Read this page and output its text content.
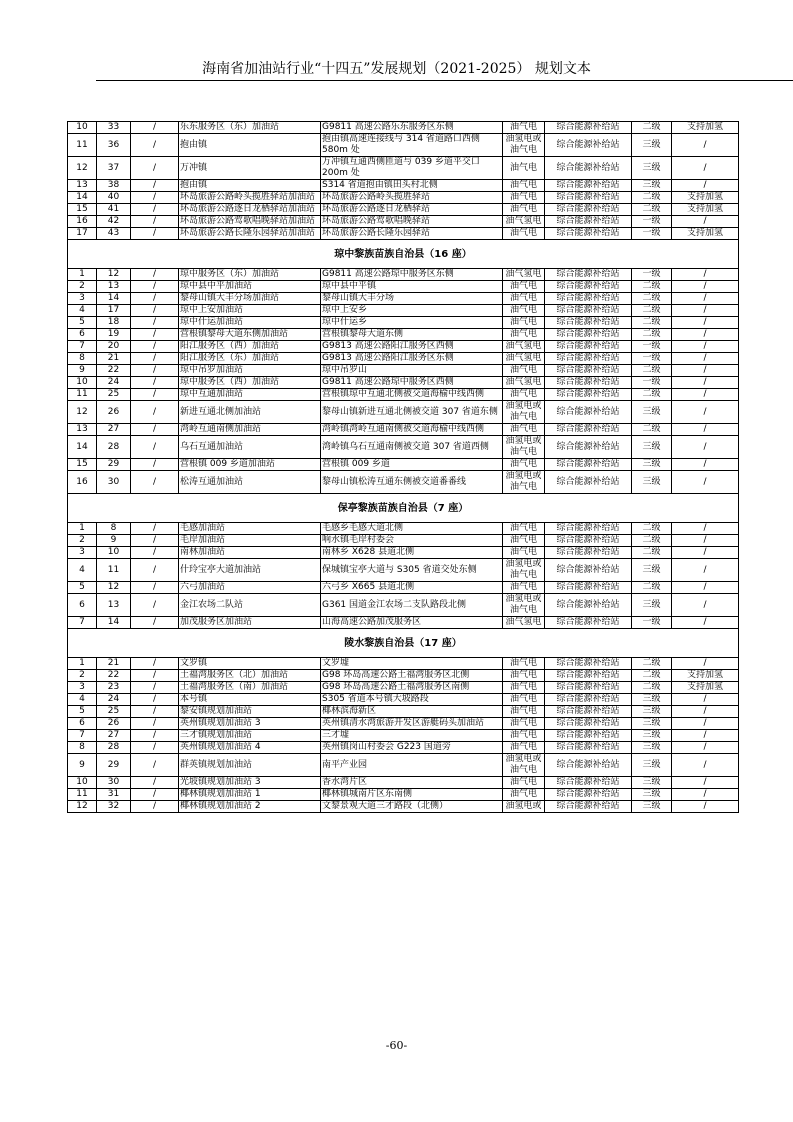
海南省加油站行业“十四五”发展规划（2021-2025） 规划文本
10	33	/	乐东服务区（东）加油站	G9811 高速公路乐东服务区东侧	油气电	综合能源补给站	二级	支持加氢
11	36	/	抱由镇	抱由镇高速连接线与 314 省道路口西侧 580m 处	油氢电或油气电	综合能源补给站	三级	/
12	37	/	万冲镇	万冲镇互通西侧匝道与 039 乡道平交口 200m 处	油气电	综合能源补给站	三级	/
13	38	/	抱由镇	S314 省道抱由镇田头村北侧	油气电	综合能源补给站	三级	/
14	40	/	环岛旅游公路岭头揽胜驿站加油站	环岛旅游公路岭头揽胜驿站	油气电	综合能源补给站	二级	支持加氢
15	41	/	环岛旅游公路逐日龙栖驿站加油站	环岛旅游公路逐日龙栖驿站	油气电	综合能源补给站	二级	支持加氢
16	42	/	环岛旅游公路莺歌唱晚驿站加油站	环岛旅游公路莺歌唱晚驿站	油气氢电	综合能源补给站	一级	/
17	43	/	环岛旅游公路长隆乐园驿站加油站	环岛旅游公路长隆乐园驿站	油气电	综合能源补给站	一级	支持加氢
琼中黎族苗族自治县（16 座）								
1	12	/	琼中服务区（东）加油站	G9811 高速公路琼中服务区东侧	油气氢电	综合能源补给站	一级	/
2	13	/	琼中县中平加油站	琼中县中平镇	油气电	综合能源补给站	二级	/
3	14	/	黎母山镇大丰分场加油站	黎母山镇大丰分场	油气电	综合能源补给站	二级	/
4	17	/	琼中上安加油站	琼中上安乡	油气电	综合能源补给站	二级	/
5	18	/	琼中什运加油站	琼中什运乡	油气电	综合能源补给站	二级	/
6	19	/	营根镇黎母大道东侧加油站	营根镇黎母大道东侧	油气电	综合能源补给站	二级	/
7	20	/	阳江服务区（西）加油站	G9813 高速公路阳江服务区西侧	油气氢电	综合能源补给站	一级	/
8	21	/	阳江服务区（东）加油站	G9813 高速公路阳江服务区东侧	油气氢电	综合能源补给站	一级	/
9	22	/	琼中吊罗加油站	琼中吊罗山	油气电	综合能源补给站	二级	/
10	24	/	琼中服务区（西）加油站	G9811 高速公路琼中服务区西侧	油气氢电	综合能源补给站	一级	/
11	25	/	琼中互通加油站	营根镇琼中互通北侧被交道海榆中线西侧	油气电	综合能源补给站	二级	/
12	26	/	新进互通北侧加油站	黎母山镇新进互通北侧被交道 307 省道东侧	油氢电或油气电	综合能源补给站	三级	/
13	27	/	湾岭互通南侧加油站	湾岭镇湾岭互通南侧被交道海榆中线西侧	油气电	综合能源补给站	二级	/
14	28	/	乌石互通加油站	湾岭镇乌石互通南侧被交道 307 省道西侧	油氢电或油气电	综合能源补给站	三级	/
15	29	/	营根镇 009 乡道加油站	营根镇 009 乡道	油气电	综合能源补给站	三级	/
16	30	/	松涛互通加油站	黎母山镇松涛互通东侧被交道番番线	油氢电或油气电	综合能源补给站	三级	/
保亭黎族苗族自治县（7 座）								
1	8	/	毛感加油站	毛感乡毛感大道北侧	油气电	综合能源补给站	二级	/
2	9	/	毛岸加油站	响水镇毛岸村委会	油气电	综合能源补给站	二级	/
3	10	/	南林加油站	南林乡 X628 县道北侧	油气电	综合能源补给站	二级	/
4	11	/	什玲宝亭大道加油站	保城镇宝亭大道与 S305 省道交处东侧	油氢电或油气电	综合能源补给站	三级	/
5	12	/	六弓加油站	六弓乡 X665 县道北侧	油气电	综合能源补给站	二级	/
6	13	/	金江农场二队站	G361 国道金江农场二支队路段北侧	油氢电或油气电	综合能源补给站	三级	/
7	14	/	加茂服务区加油站	山海高速公路加茂服务区	油气氢电	综合能源补给站	一级	/
陵水黎族自治县（17 座）								
1	21	/	文罗镇	文罗墟	油气电	综合能源补给站	二级	/
2	22	/	土福湾服务区（北）加油站	G98 环岛高速公路土福湾服务区北侧	油气电	综合能源补给站	二级	支持加氢
3	23	/	土福湾服务区（南）加油站	G98 环岛高速公路土福湾服务区南侧	油气电	综合能源补给站	二级	支持加氢
4	24	/	本号镇	S305 省道本号镇大坡路段	油气电	综合能源补给站	三级	/
5	25	/	黎安镇规划加油站	椰林滨海新区	油气电	综合能源补给站	三级	/
6	26	/	英州镇规划加油站 3	英州镇清水湾旅游开发区游艇码头加油站	油气电	综合能源补给站	三级	/
7	27	/	三才镇规划加油站	三才墟	油气电	综合能源补给站	三级	/
8	28	/	英州镇规划加油站 4	英州镇岗山村委会 G223 国道旁	油气电	综合能源补给站	三级	/
9	29	/	群英镇规划加油站	南平产业园	油氢电或油气电	综合能源补给站	三级	/
10	30	/	光坡镇规划加油站 3	香水湾片区	油气电	综合能源补给站	三级	/
11	31	/	椰林镇规划加油站 1	椰林镇城南片区东南侧	油气电	综合能源补给站	三级	/
12	32	/	椰林镇规划加油站 2	文黎景观大道三才路段（北侧）	油氢电或	综合能源补给站	三级	/
-60-
